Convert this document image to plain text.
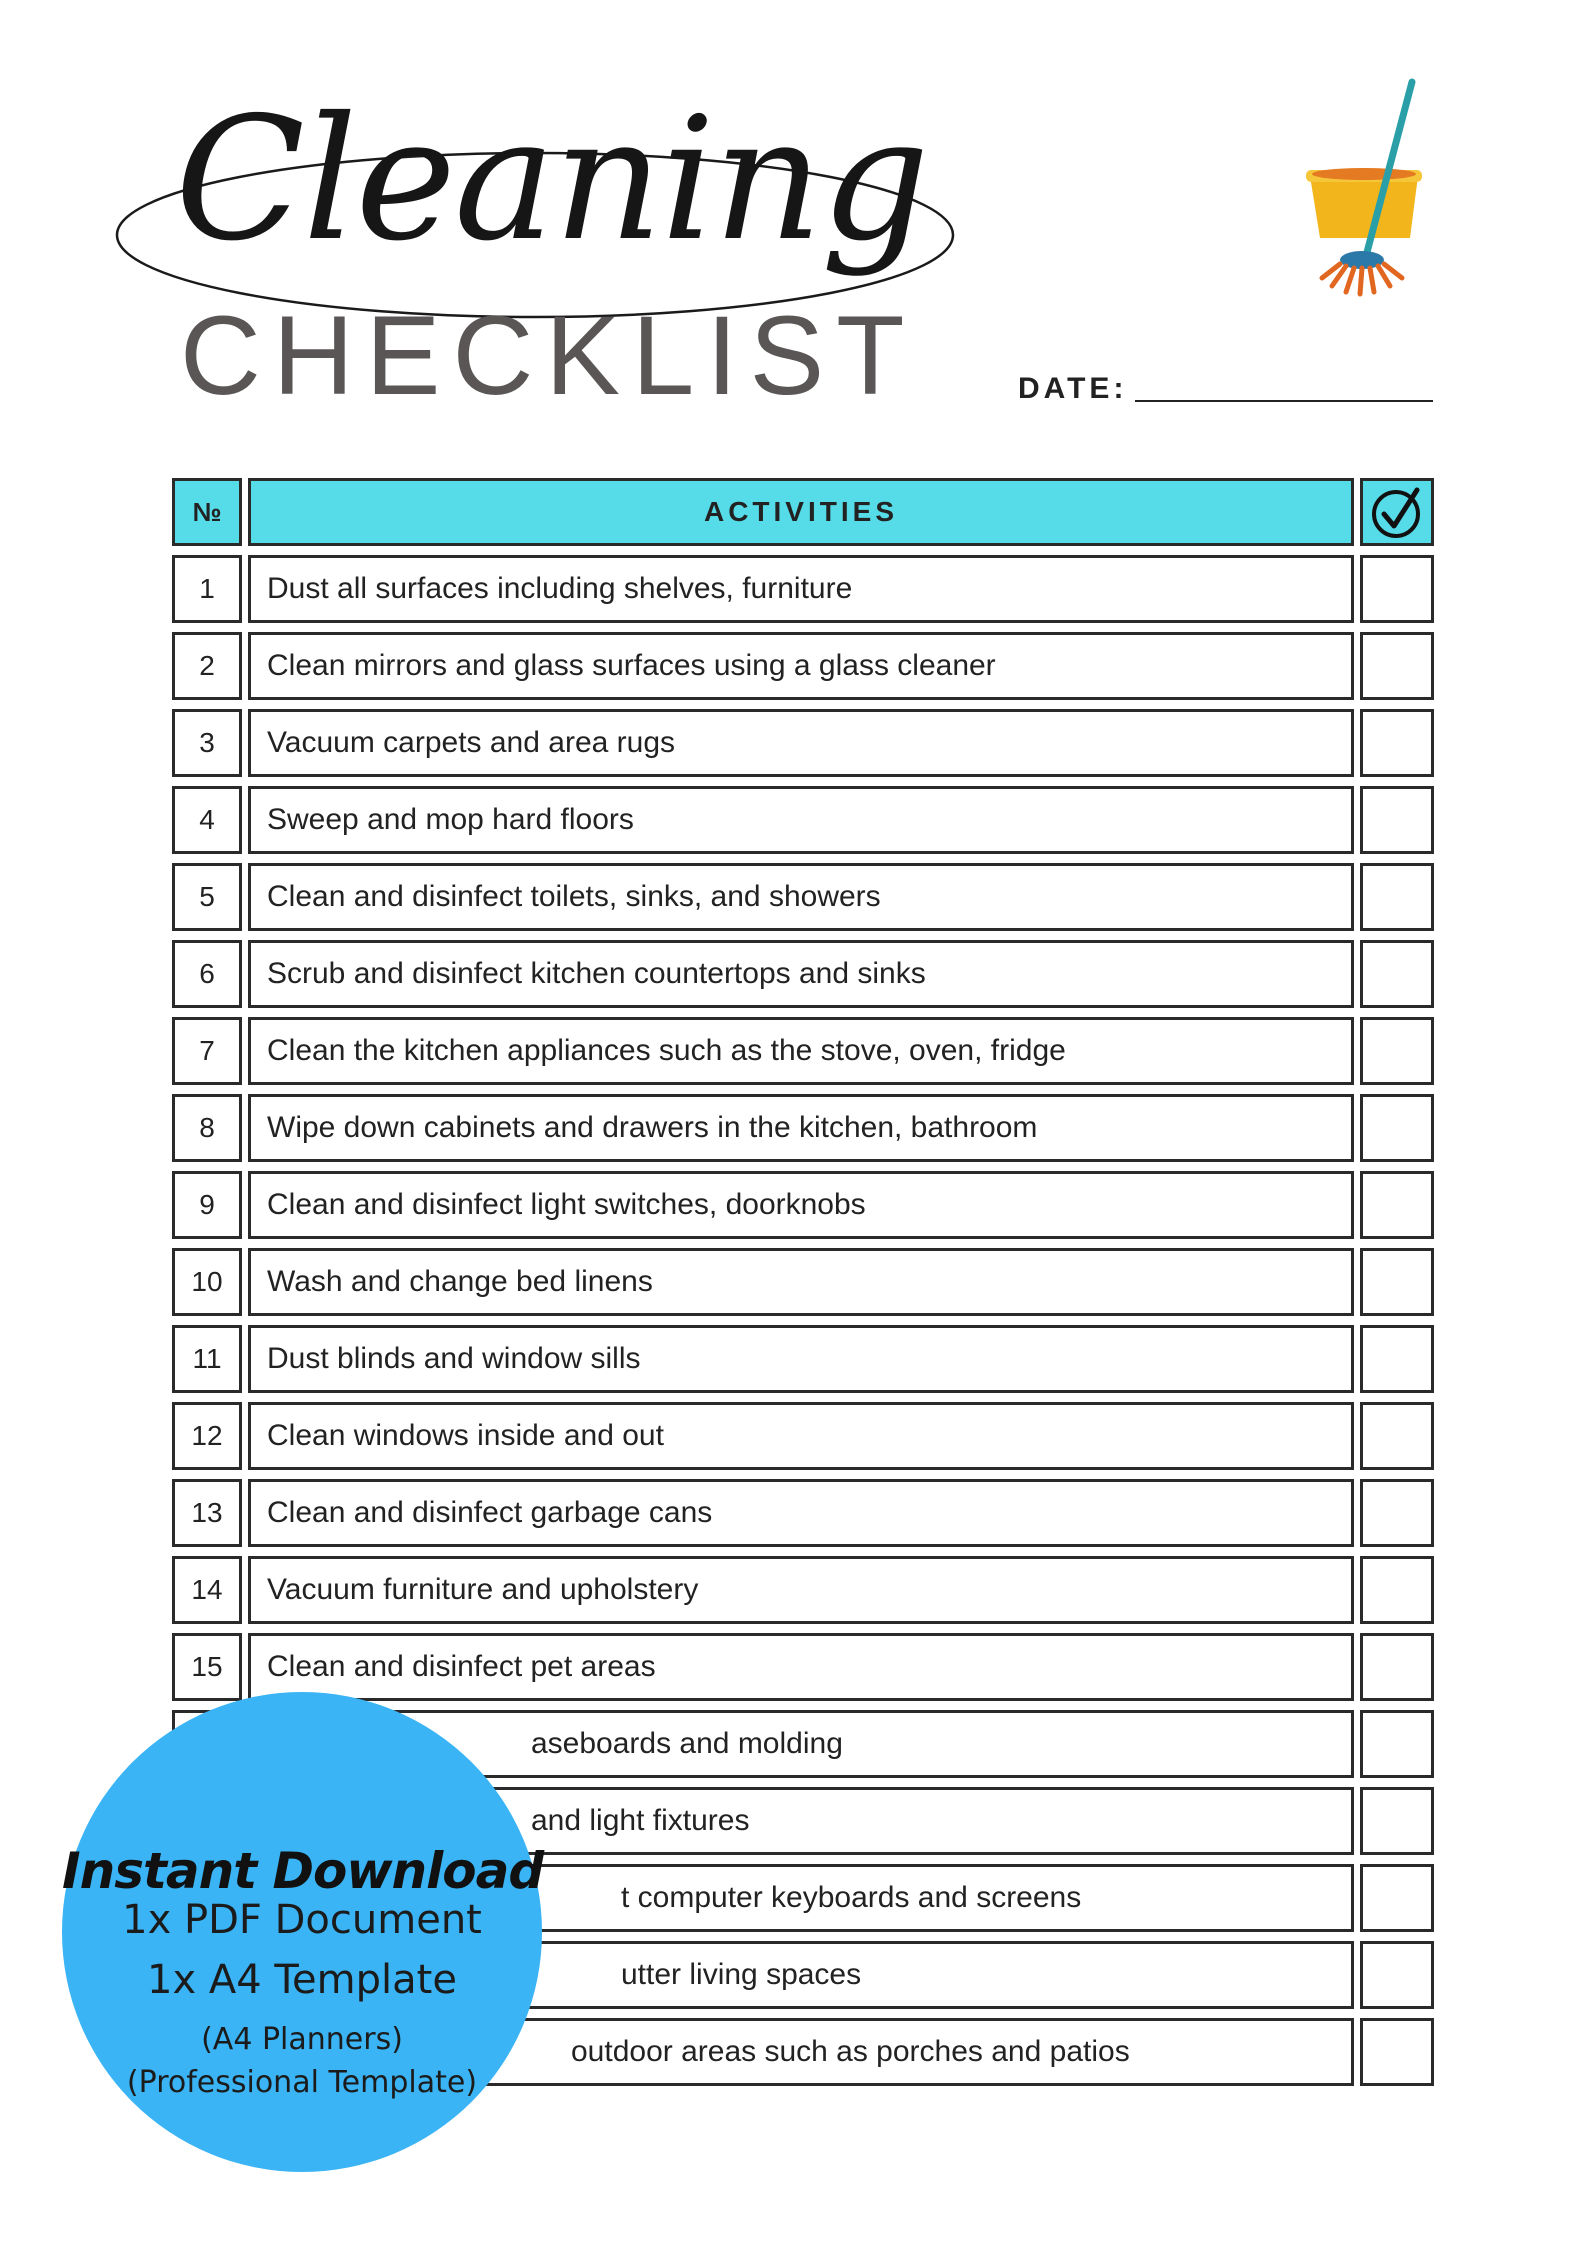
Cleaning
CHECKLIST	DATE:
№	ACTIVITIES
1	Dust all surfaces including shelves, furniture
2	Clean mirrors and glass surfaces using a glass cleaner
3	Vacuum carpets and area rugs
4	Sweep and mop hard floors
5	Clean and disinfect toilets, sinks, and showers
6	Scrub and disinfect kitchen countertops and sinks
7	Clean the kitchen appliances such as the stove, oven, fridge
8	Wipe down cabinets and drawers in the kitchen, bathroom
9	Clean and disinfect light switches, doorknobs
10	Wash and change bed linens
11	Dust blinds and window sills
12	Clean windows inside and out
13	Clean and disinfect garbage cans
14	Vacuum furniture and upholstery
15	Clean and disinfect pet areas
aseboards and molding
and light fixtures
t computer keyboards and screens
utter living spaces
outdoor areas such as porches and patios
Instant Download
1x PDF Document
1x A4 Template
(A4 Planners)
(Professional Template)
